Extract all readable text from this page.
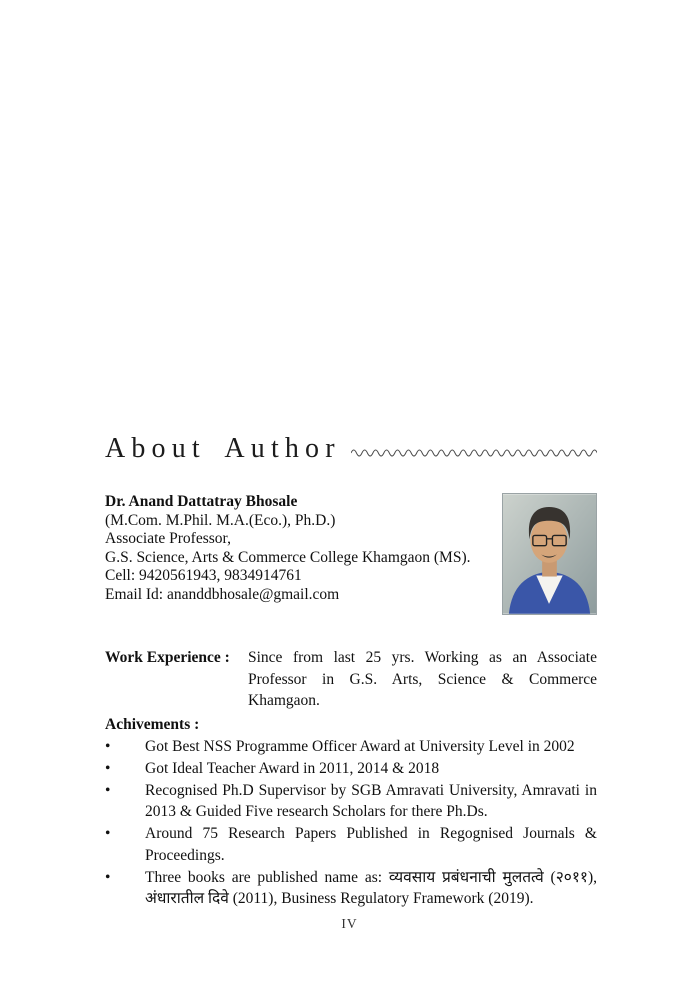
About Author
Dr. Anand Dattatray Bhosale
(M.Com. M.Phil. M.A.(Eco.), Ph.D.)
Associate Professor,
G.S. Science, Arts & Commerce College Khamgaon (MS).
Cell: 9420561943, 9834914761
Email Id: ananddbhosale@gmail.com
Work Experience :	Since from last 25 yrs. Working as an Associate Professor in G.S. Arts, Science & Commerce Khamgaon.
Achivements :
•	Got Best NSS Programme Officer Award at University Level in 2002
•	Got Ideal Teacher Award in 2011, 2014 & 2018
•	Recognised Ph.D Supervisor by SGB Amravati University, Amravati in 2013 & Guided Five research Scholars for there Ph.Ds.
•	Around 75 Research Papers Published in Regognised Journals & Proceedings.
•	Three books are published name as: व्यवसाय प्रबंधनाची मुलतत्वे (२०११), अंधारातील दिवे (2011), Business Regulatory Framework (2019).
IV
